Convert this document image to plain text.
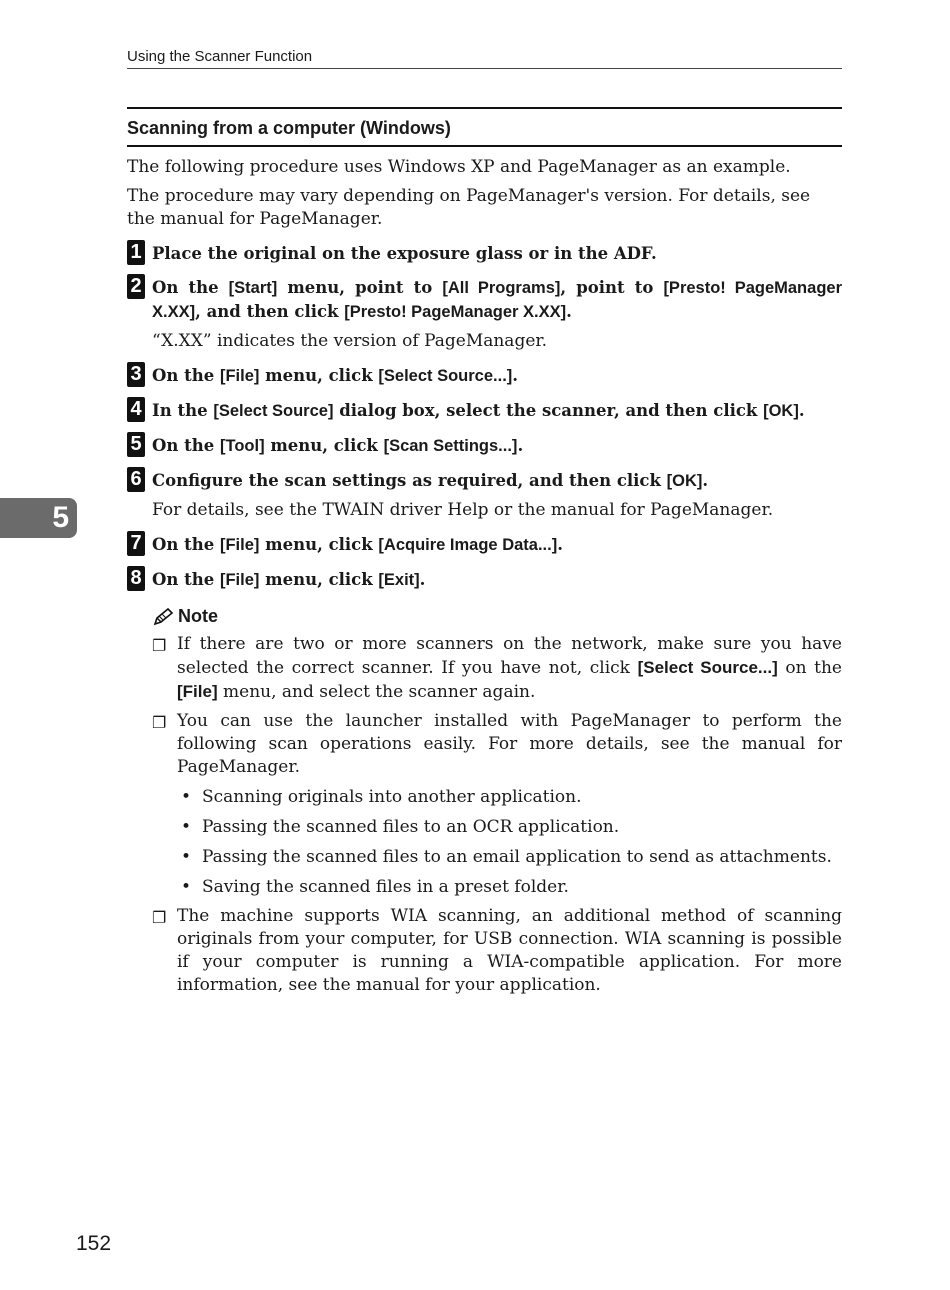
Using the Scanner Function
Scanning from a computer (Windows)

The following procedure uses Windows XP and PageManager as an example.

The procedure may vary depending on PageManager's version. For details, see the manual for PageManager.

1 Place the original on the exposure glass or in the ADF.
2 On the [Start] menu, point to [All Programs], point to [Presto! PageManager X.XX], and then click [Presto! PageManager X.XX].
“X.XX” indicates the version of PageManager.
3 On the [File] menu, click [Select Source...].
4 In the [Select Source] dialog box, select the scanner, and then click [OK].
5 On the [Tool] menu, click [Scan Settings...].
6 Configure the scan settings as required, and then click [OK].
For details, see the TWAIN driver Help or the manual for PageManager.
7 On the [File] menu, click [Acquire Image Data...].
8 On the [File] menu, click [Exit].
Note
❐ If there are two or more scanners on the network, make sure you have selected the correct scanner. If you have not, click [Select Source...] on the [File] menu, and select the scanner again.
❐ You can use the launcher installed with PageManager to perform the following scan operations easily. For more details, see the manual for PageManager.
• Scanning originals into another application.
• Passing the scanned files to an OCR application.
• Passing the scanned files to an email application to send as attachments.
• Saving the scanned files in a preset folder.
❐ The machine supports WIA scanning, an additional method of scanning originals from your computer, for USB connection. WIA scanning is possible if your computer is running a WIA-compatible application. For more information, see the manual for your application.
5
152
